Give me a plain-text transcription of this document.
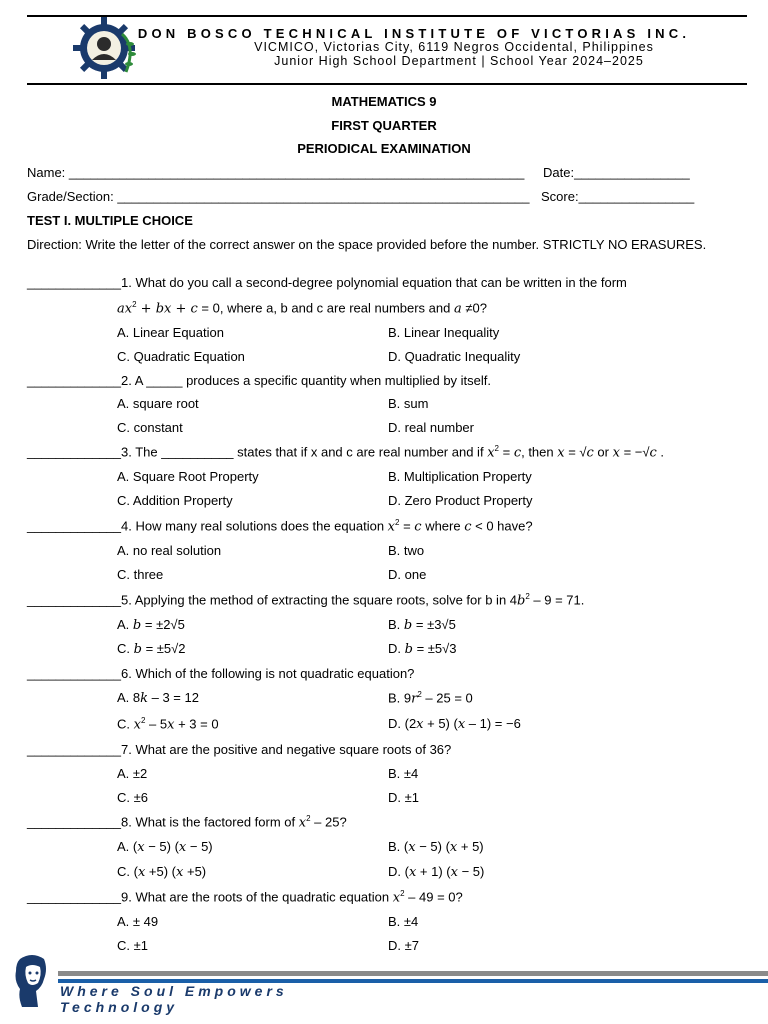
DON BOSCO TECHNICAL INSTITUTE OF VICTORIAS INC.
VICMICO, Victorias City, 6119 Negros Occidental, Philippines
Junior High School Department | School Year 2024–2025
MATHEMATICS 9
FIRST QUARTER
PERIODICAL EXAMINATION
Name: _______________________________________________________________ Date:________________
Grade/Section: _________________________________________________________ Score:________________
TEST I. MULTIPLE CHOICE
Direction: Write the letter of the correct answer on the space provided before the number. STRICTLY NO ERASURES.
_____________1. What do you call a second-degree polynomial equation that can be written in the form
$ax^2$ + bx + c = 0, where a, b and c are real numbers and a ≠0?
A. Linear Equation	B. Linear Inequality
C. Quadratic Equation	D. Quadratic Inequality
_____________2. A _____ produces a specific quantity when multiplied by itself.
A. square root	B. sum
C. constant	D. real number
_____________3. The __________ states that if x and c are real number and if $x^2 = c$, then x = √c or x = −√c .
A. Square Root Property	B. Multiplication Property
C. Addition Property	D. Zero Product Property
_____________4. How many real solutions does the equation $x^2 = c$ where c < 0 have?
A. no real solution	B. two
C. three	D. one
_____________5. Applying the method of extracting the square roots, solve for b in $4b^2 - 9 = 71$.
A. b = ±2√5	B. b = ±3√5
C. b = ±5√2	D. b = ±5√3
_____________6. Which of the following is not quadratic equation?
A. 8k – 3 = 12	B. $9r^2 - 25 = 0$
C. $x^2 - 5x + 3 = 0$	D. (2x + 5) (x – 1) = −6
_____________7. What are the positive and negative square roots of 36?
A. ±2	B. ±4
C. ±6	D. ±1
_____________8. What is the factored form of $x^2 - 25$?
A. (x − 5) (x − 5)	B. (x − 5) (x + 5)
C. (x +5) (x +5)	D. (x + 1) (x − 5)
_____________9. What are the roots of the quadratic equation $x^2 - 49 = 0$?
A. ± 49	B. ±4
C. ±1	D. ±7
Where Soul Empowers
Technology
